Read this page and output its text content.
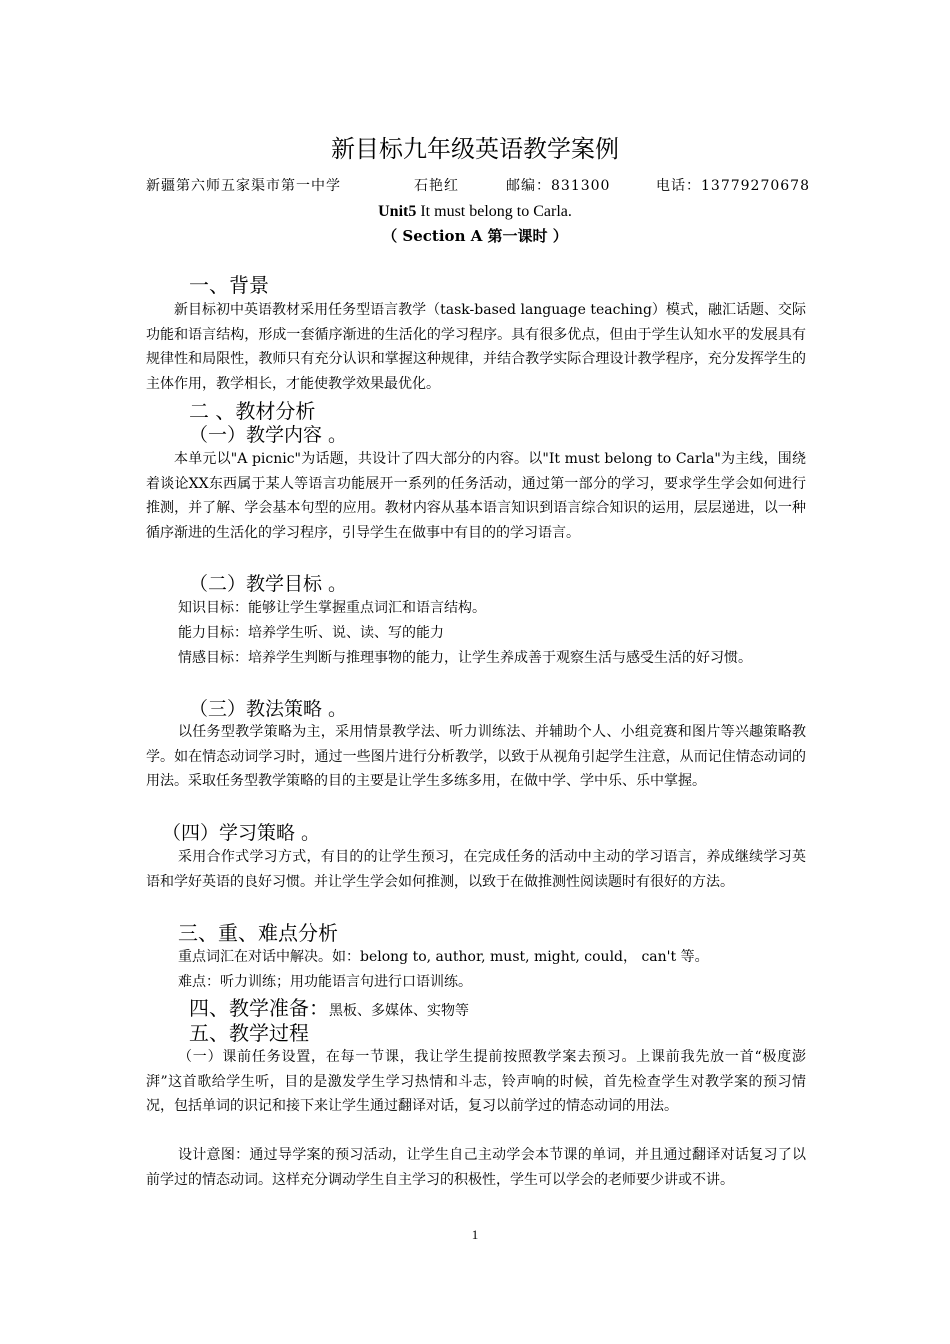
新目标九年级英语教学案例
新疆第六师五家渠市第一中学	石艳红	邮编：831300	电话：13779270678
Unit5 It must belong to Carla.
（ Section A 第一课时 ）
一、背景
新目标初中英语教材采用任务型语言教学（task-based language teaching）模式，融汇话题、交际功能和语言结构，形成一套循序渐进的生活化的学习程序。具有很多优点，但由于学生认知水平的发展具有规律性和局限性，教师只有充分认识和掌握这种规律，并结合教学实际合理设计教学程序，充分发挥学生的主体作用，教学相长，才能使教学效果最优化。
二 、教材分析
（一）教学内容 。
本单元以"A picnic"为话题，共设计了四大部分的内容。以"It must belong to Carla"为主线，围绕着谈论XX东西属于某人等语言功能展开一系列的任务活动，通过第一部分的学习，要求学生学会如何进行推测，并了解、学会基本句型的应用。教材内容从基本语言知识到语言综合知识的运用，层层递进，以一种循序渐进的生活化的学习程序，引导学生在做事中有目的的学习语言。
（二）教学目标 。
知识目标：能够让学生掌握重点词汇和语言结构。
能力目标：培养学生听、说、读、写的能力
情感目标：培养学生判断与推理事物的能力，让学生养成善于观察生活与感受生活的好习惯。
（三）教法策略 。
以任务型教学策略为主，采用情景教学法、听力训练法、并辅助个人、小组竞赛和图片等兴趣策略教学。如在情态动词学习时，通过一些图片进行分析教学，以致于从视角引起学生注意，从而记住情态动词的用法。采取任务型教学策略的目的主要是让学生多练多用，在做中学、学中乐、乐中掌握。
（四）学习策略 。
采用合作式学习方式，有目的的让学生预习，在完成任务的活动中主动的学习语言，养成继续学习英语和学好英语的良好习惯。并让学生学会如何推测，以致于在做推测性阅读题时有很好的方法。
三、重、难点分析
重点词汇在对话中解决。如：belong to, author, must, might, could， can't 等。
难点：听力训练；用功能语言句进行口语训练。
四、教学准备：黑板、多媒体、实物等
五、教学过程
（一）课前任务设置，在每一节课，我让学生提前按照教学案去预习。上课前我先放一首“极度澎湃”这首歌给学生听，目的是激发学生学习热情和斗志，铃声响的时候，首先检查学生对教学案的预习情况，包括单词的识记和接下来让学生通过翻译对话，复习以前学过的情态动词的用法。
设计意图：通过导学案的预习活动，让学生自己主动学会本节课的单词，并且通过翻译对话复习了以前学过的情态动词。这样充分调动学生自主学习的积极性，学生可以学会的老师要少讲或不讲。
1
